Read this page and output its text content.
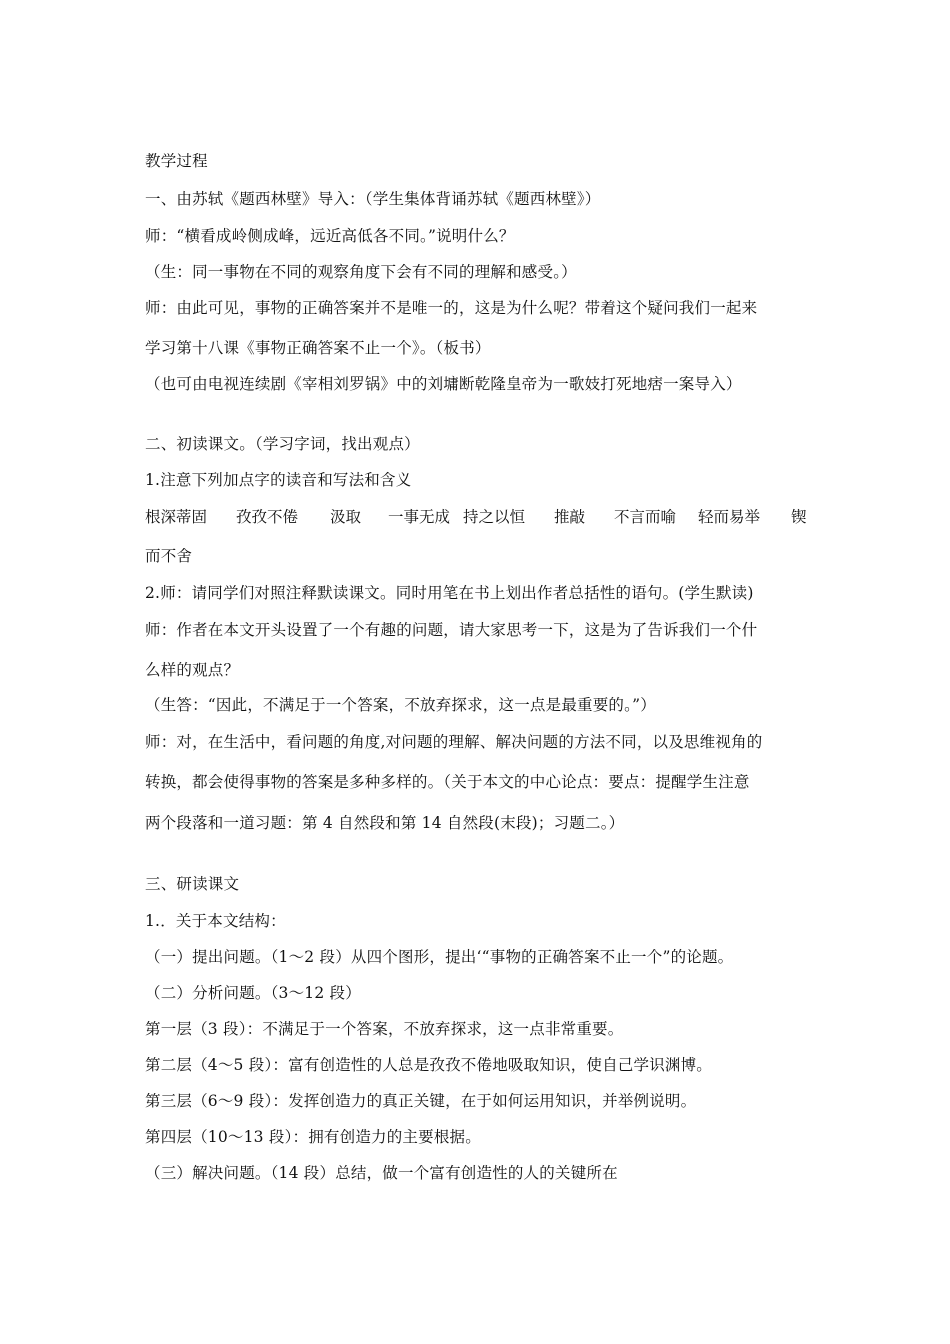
教学过程
一、由苏轼《题西林壁》导入：（学生集体背诵苏轼《题西林壁》）
师：“横看成岭侧成峰，远近高低各不同。”说明什么？
（生：同一事物在不同的观察角度下会有不同的理解和感受。）
师：由此可见，事物的正确答案并不是唯一的，这是为什么呢？带着这个疑问我们一起来
学习第十八课《事物正确答案不止一个》。（板书）
（也可由电视连续剧《宰相刘罗锅》中的刘墉断乾隆皇帝为一歌妓打死地痞一案导入）
二、初读课文。（学习字词，找出观点）
1.注意下列加点字的读音和写法和含义
根深蒂固 孜孜不倦 汲取 一事无成 持之以恒 推敲 不言而喻 轻而易举 锲
而不舍
2.师：请同学们对照注释默读课文。同时用笔在书上划出作者总括性的语句。(学生默读)
师：作者在本文开头设置了一个有趣的问题，请大家思考一下，这是为了告诉我们一个什
么样的观点？
（生答：“因此，不满足于一个答案，不放弃探求，这一点是最重要的。”）
师：对，在生活中，看问题的角度,对问题的理解、解决问题的方法不同，以及思维视角的
转换，都会使得事物的答案是多种多样的。（关于本文的中心论点：要点：提醒学生注意
两个段落和一道习题：第 4 自然段和第 14 自然段(末段)；习题二。）
三、研读课文
1.．关于本文结构：
（一）提出问题。（1～2 段）从四个图形，提出‘“事物的正确答案不止一个”的论题。
（二）分析问题。（3～12 段）
第一层（3 段）：不满足于一个答案，不放弃探求，这一点非常重要。
第二层（4～5 段）：富有创造性的人总是孜孜不倦地吸取知识，使自己学识渊博。
第三层（6～9 段）：发挥创造力的真正关键，在于如何运用知识，并举例说明。
第四层（10～13 段）：拥有创造力的主要根据。
（三）解决问题。（14 段）总结，做一个富有创造性的人的关键所在
